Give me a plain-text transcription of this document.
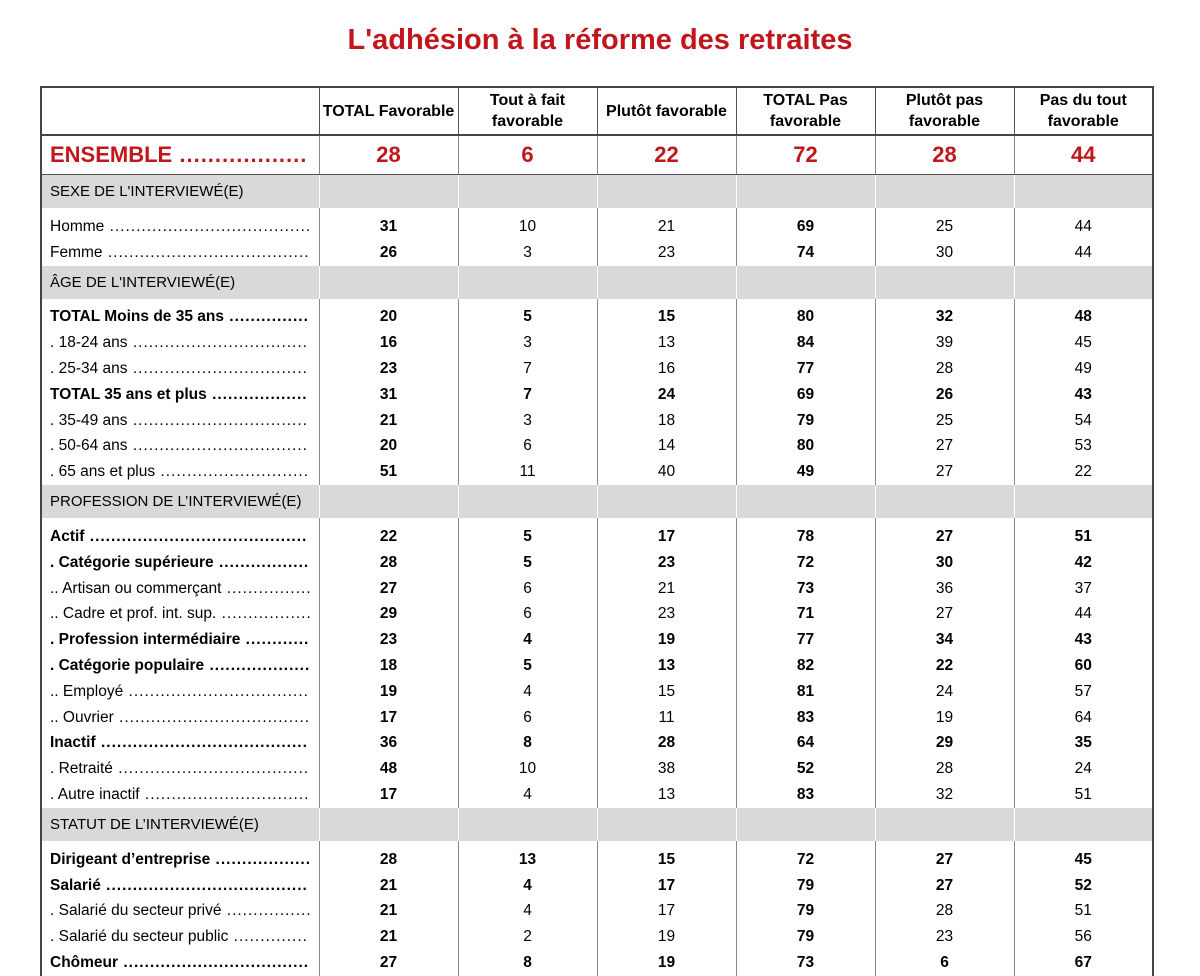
L'adhésion à la réforme des retraites
	TOTAL Favorable	Tout à fait favorable	Plutôt favorable	TOTAL Pas favorable	Plutôt pas favorable	Pas du tout favorable
ENSEMBLE ..................	28	6	22	72	28	44
SEXE DE L'INTERVIEWÉ(E)						

Homme ......................................	31	10	21	69	25	44
Femme ......................................	26	3	23	74	30	44
ÂGE DE L'INTERVIEWÉ(E)						

TOTAL Moins de 35 ans ...............	20	5	15	80	32	48
. 18-24 ans .................................	16	3	13	84	39	45
. 25-34 ans .................................	23	7	16	77	28	49
TOTAL 35 ans et plus ..................	31	7	24	69	26	43
. 35-49 ans .................................	21	3	18	79	25	54
. 50-64 ans .................................	20	6	14	80	27	53
. 65 ans et plus ............................	51	11	40	49	27	22
PROFESSION DE L’INTERVIEWÉ(E)						

Actif .........................................	22	5	17	78	27	51
. Catégorie supérieure .................	28	5	23	72	30	42
.. Artisan ou commerçant ................	27	6	21	73	36	37
.. Cadre et prof. int. sup. .................	29	6	23	71	27	44
. Profession intermédiaire ............	23	4	19	77	34	43
. Catégorie populaire ...................	18	5	13	82	22	60
.. Employé ..................................	19	4	15	81	24	57
.. Ouvrier ....................................	17	6	11	83	19	64
Inactif .......................................	36	8	28	64	29	35
. Retraité ....................................	48	10	38	52	28	24
. Autre inactif ...............................	17	4	13	83	32	51
STATUT DE L’INTERVIEWÉ(E)						

Dirigeant d’entreprise ..................	28	13	15	72	27	45
Salarié ......................................	21	4	17	79	27	52
. Salarié du secteur privé ................	21	4	17	79	28	51
. Salarié du secteur public ..............	21	2	19	79	23	56
Chômeur ...................................	27	8	19	73	6	67
